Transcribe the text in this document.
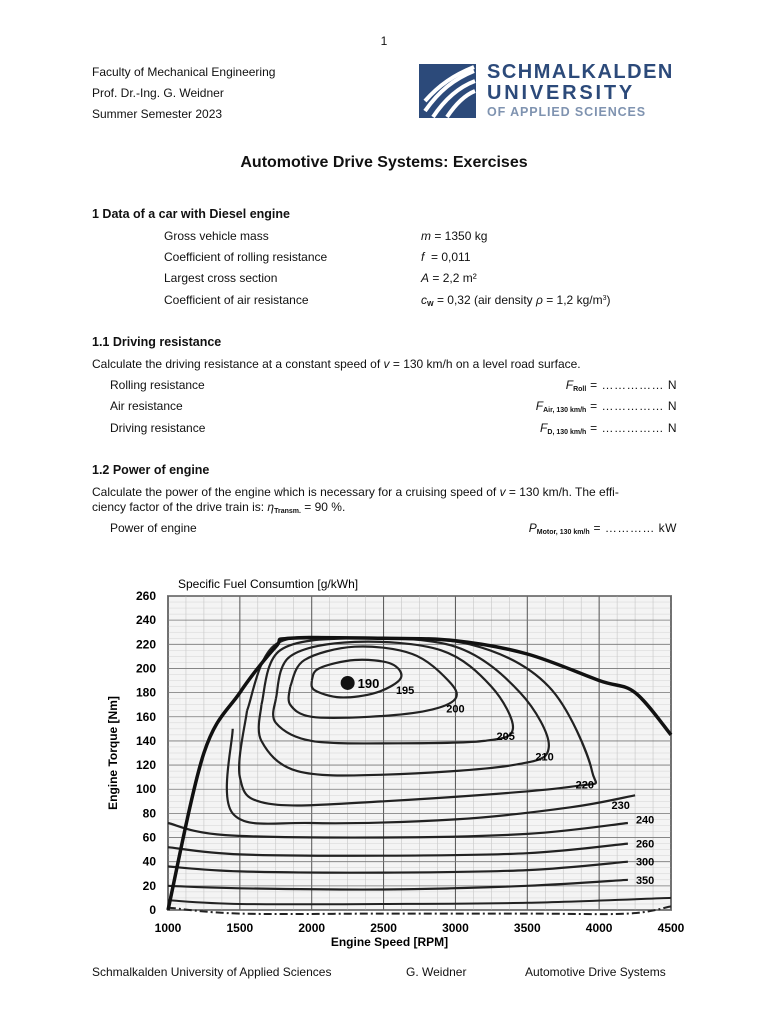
1
Faculty of Mechanical Engineering
Prof. Dr.-Ing. G. Weidner
Summer Semester 2023
SCHMALKALDEN
UNIVERSITY
OF APPLIED SCIENCES
Automotive Drive Systems: Exercises
1 Data of a car with Diesel engine
Gross vehicle mass	m = 1350 kg
Coefficient of rolling resistance	f  = 0,011
Largest cross section	A = 2,2 m²
Coefficient of air resistance	cW = 0,32 (air density ρ = 1,2 $kg/m^3$)
1.1 Driving resistance
Calculate the driving resistance at a constant speed of v = 130 km/h on a level road surface.
Rolling resistance	FRoll = …………… N
Air resistance	FAir, 130 km/h = …………… N
Driving resistance	FD, 130 km/h = …………… N
1.2 Power of engine
Calculate the power of the engine which is necessary for a cruising speed of v = 130 km/h. The effi-
ciency factor of the drive train is: ηTransm. = 90 %.
Power of engine	PMotor, 130 km/h = ………… kW
1000	1500	2000	2500	3000	3500	4000	4500
0
20
40
60
80
100
120
140
160
180
200
220
240
260
Specific Fuel Consumtion [g/kWh]
Engine Speed [RPM]
Engine Torque [Nm]
195
200
205
210
220
230
240
260
300
350
190
Schmalkalden University of Applied Sciences	G. Weidner	Automotive Drive Systems
